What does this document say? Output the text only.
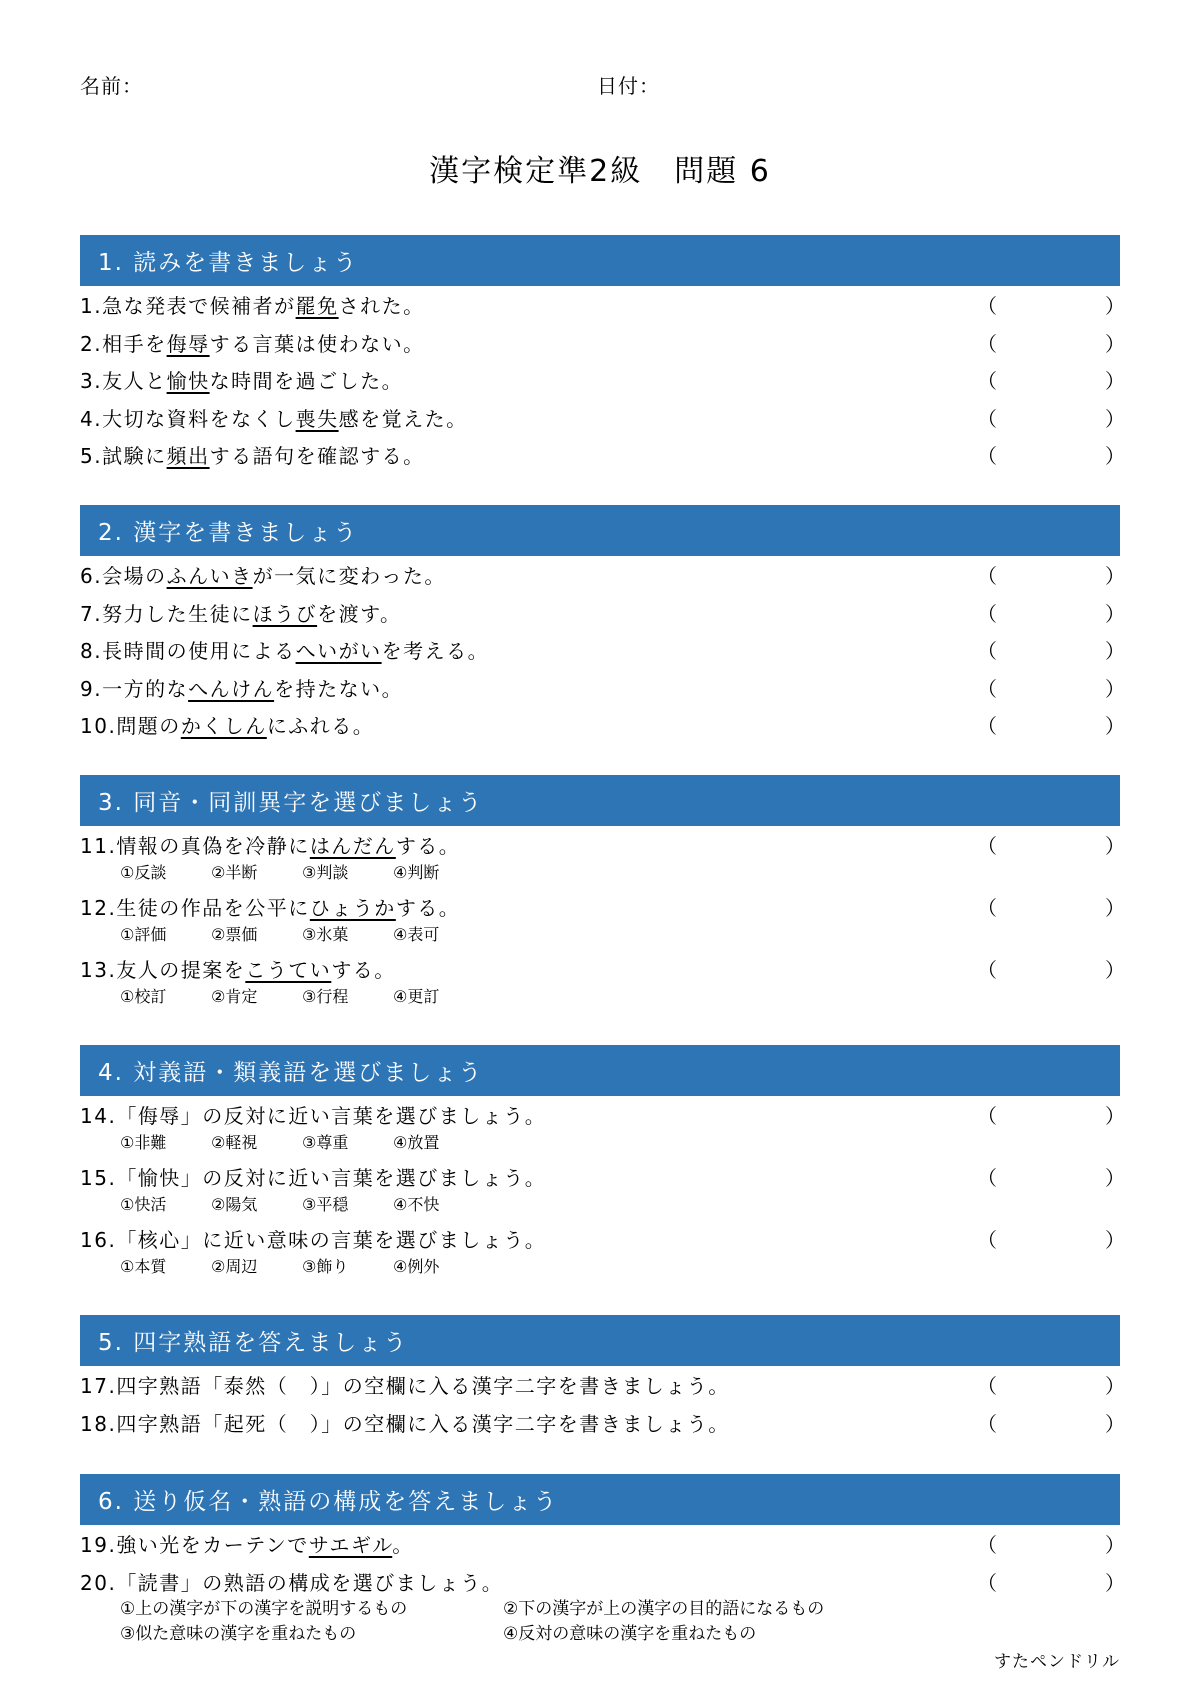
名前：	日付：
漢字検定準2級　問題 6
1. 読みを書きましょう
1.急な発表で候補者が罷免された。	（	）
2.相手を侮辱する言葉は使わない。	（	）
3.友人と愉快な時間を過ごした。	（	）
4.大切な資料をなくし喪失感を覚えた。	（	）
5.試験に頻出する語句を確認する。	（	）
2. 漢字を書きましょう
6.会場のふんいきが一気に変わった。	（	）
7.努力した生徒にほうびを渡す。	（	）
8.長時間の使用によるへいがいを考える。	（	）
9.一方的なへんけんを持たない。	（	）
10.問題のかくしんにふれる。	（	）
3. 同音・同訓異字を選びましょう
11.情報の真偽を冷静にはんだんする。	（	）
①反談	②半断	③判談	④判断
12.生徒の作品を公平にひょうかする。	（	）
①評価	②票価	③氷菓	④表可
13.友人の提案をこうていする。	（	）
①校訂	②肯定	③行程	④更訂
4. 対義語・類義語を選びましょう
14.「侮辱」の反対に近い言葉を選びましょう。	（	）
①非難	②軽視	③尊重	④放置
15.「愉快」の反対に近い言葉を選びましょう。	（	）
①快活	②陽気	③平穏	④不快
16.「核心」に近い意味の言葉を選びましょう。	（	）
①本質	②周辺	③飾り	④例外
5. 四字熟語を答えましょう
17.四字熟語「泰然（　）」の空欄に入る漢字二字を書きましょう。	（	）
18.四字熟語「起死（　）」の空欄に入る漢字二字を書きましょう。	（	）
6. 送り仮名・熟語の構成を答えましょう
19.強い光をカーテンでサエギル。	（	）
20.「読書」の熟語の構成を選びましょう。	（	）
①上の漢字が下の漢字を説明するもの	②下の漢字が上の漢字の目的語になるもの
③似た意味の漢字を重ねたもの	④反対の意味の漢字を重ねたもの
すたペンドリル
